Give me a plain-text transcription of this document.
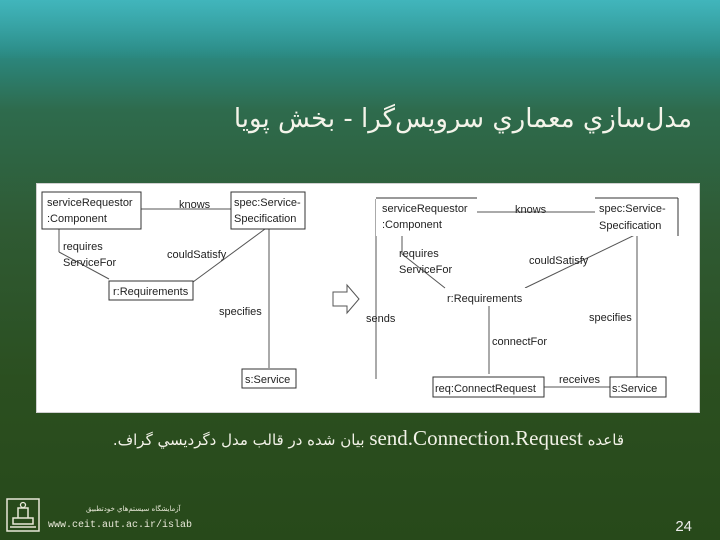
مدل‌سازي معماري سرويس‌گرا - بخش پويا
serviceRequestor
:Component
spec:Service-
Specification
r:Requirements
s:Service
knows
requires
ServiceFor
couldSatisfy
specifies
serviceRequestor
:Component
spec:Service-
Specification
r:Requirements
req:ConnectRequest	s:Service
knows
requires
ServiceFor
couldSatisfy
sends
connectFor
specifies
receives
قاعده send.Connection.Request بيان شده در قالب مدل دگرديسي گراف.
آزمايشگاه سيستم‌هاي خودتطبيق
www.ceit.aut.ac.ir/islab	24
